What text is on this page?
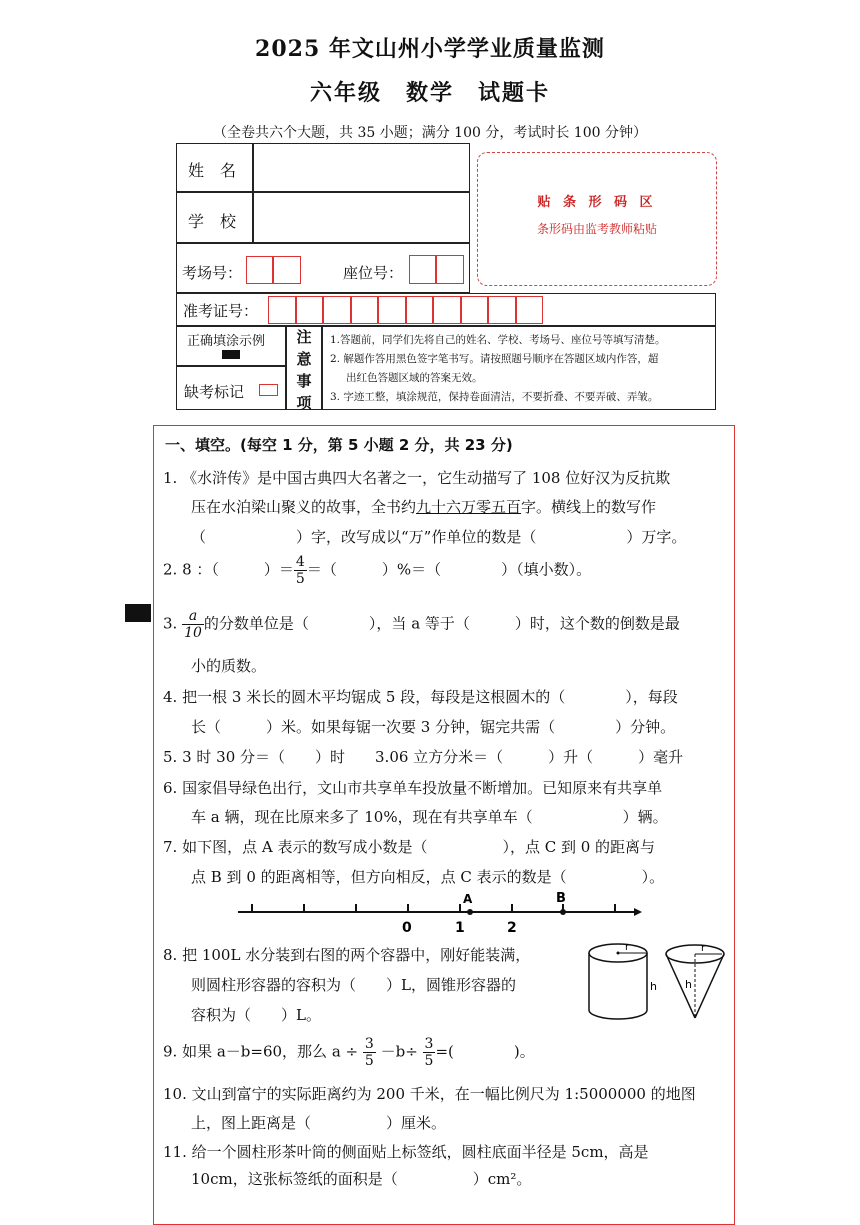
2025 年文山州小学学业质量监测
六年级　数学　试题卡
（全卷共六个大题，共 35 小题；满分 100 分，考试时长 100 分钟）
姓　名
学　校
考场号：	座位号：
贴 条 形 码 区
条形码由监考教师粘贴
准考证号：
正确填涂示例
缺考标记
注
意
事
项
1.答题前，同学们先将自己的姓名、学校、考场号、座位号等填写清楚。
2. 解题作答用黑色签字笔书写。请按照题号顺序在答题区域内作答，超
出红色答题区域的答案无效。
3. 字迹工整，填涂规范，保持卷面清洁，不要折叠、不要弄破、弄皱。
一、填空。(每空 1 分，第 5 小题 2 分，共 23 分)
1. 《水浒传》是中国古典四大名著之一，它生动描写了 108 位好汉为反抗欺
压在水泊梁山聚义的故事，全书约九十六万零五百字。横线上的数写作
（　　　　　　）字，改写成以“万”作单位的数是（　　　　　　）万字。
2. 8 ：（　　　）＝ $\frac{4}{5}$ ＝（　　　）%＝（　　　　）（填小数）。
3. $\frac{a}{10}$ 的分数单位是（　　　　），当 a 等于（　　　）时，这个数的倒数是最
小的质数。
4. 把一根 3 米长的圆木平均锯成 5 段，每段是这根圆木的（　　　　），每段
长（　　　）米。如果每锯一次要 3 分钟，锯完共需（　　　　）分钟。
5. 3 时 30 分＝（　　）时　　3.06 立方分米＝（　　　）升（　　　）毫升
6. 国家倡导绿色出行，文山市共享单车投放量不断增加。已知原来有共享单
车 a 辆，现在比原来多了 10%，现在有共享单车（　　　　　　）辆。
7. 如下图，点 A 表示的数写成小数是（　　　　　），点 C 到 0 的距离与
点 B 到 0 的距离相等，但方向相反，点 C 表示的数是（　　　　　）。
A	B
0	1	2
8. 把 100L 水分装到右图的两个容器中，刚好能装满，
则圆柱形容器的容积为（　　）L，圆锥形容器的
容积为（　　）L。
r
h
r
h
9. 如果 a－b=60，那么 $a \div \frac{3}{5} -b\div \frac{3}{5}$ =(　　　　)。
10. 文山到富宁的实际距离约为 200 千米，在一幅比例尺为 1:5000000 的地图
上，图上距离是（　　　　　）厘米。
11. 给一个圆柱形茶叶筒的侧面贴上标签纸，圆柱底面半径是 5cm，高是
10cm，这张标签纸的面积是（　　　　　）cm²。
